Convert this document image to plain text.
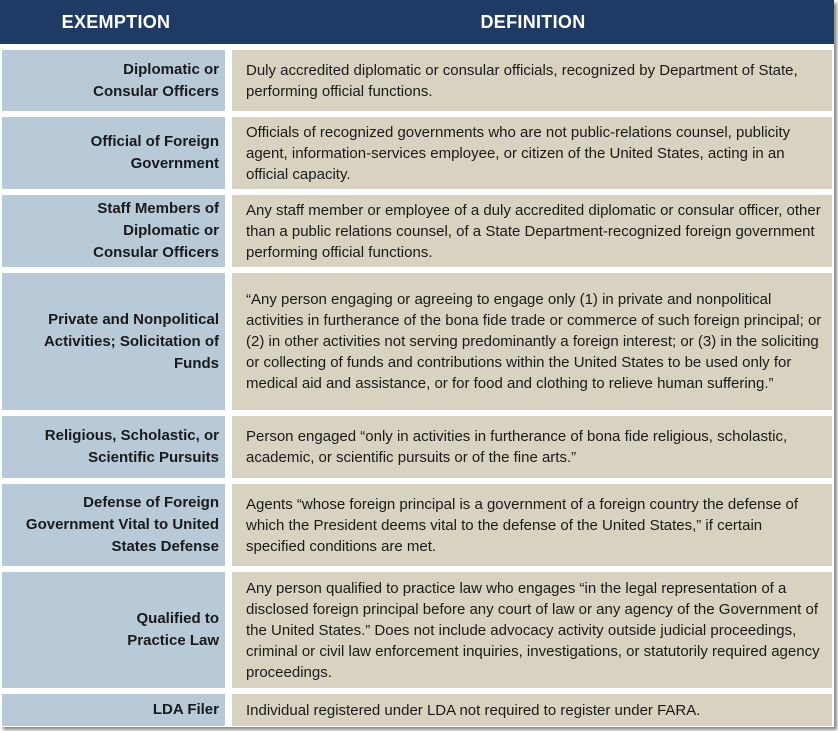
EXEMPTION	DEFINITION
Diplomatic or Consular Officers
Duly accredited diplomatic or consular officials, recognized by Department of State, performing official functions.
Official of Foreign Government
Officials of recognized governments who are not public-relations counsel, publicity agent, information-services employee, or citizen of the United States, acting in an official capacity.
Staff Members of Diplomatic or Consular Officers
Any staff member or employee of a duly accredited diplomatic or consular officer, other than a public relations counsel, of a State Department-recognized foreign government performing official functions.
Private and Nonpolitical Activities; Solicitation of Funds
“Any person engaging or agreeing to engage only (1) in private and nonpolitical activities in furtherance of the bona fide trade or commerce of such foreign principal; or (2) in other activities not serving predominantly a foreign interest; or (3) in the soliciting or collecting of funds and contributions within the United States to be used only for medical aid and assistance, or for food and clothing to relieve human suffering.”
Religious, Scholastic, or Scientific Pursuits
Person engaged “only in activities in furtherance of bona fide religious, scholastic, academic, or scientific pursuits or of the fine arts.”
Defense of Foreign Government Vital to United States Defense
Agents “whose foreign principal is a government of a foreign country the defense of which the President deems vital to the defense of the United States,” if certain specified conditions are met.
Qualified to Practice Law
Any person qualified to practice law who engages “in the legal representation of a disclosed foreign principal before any court of law or any agency of the Government of the United States.” Does not include advocacy activity outside judicial proceedings, criminal or civil law enforcement inquiries, investigations, or statutorily required agency proceedings.
LDA Filer	Individual registered under LDA not required to register under FARA.
